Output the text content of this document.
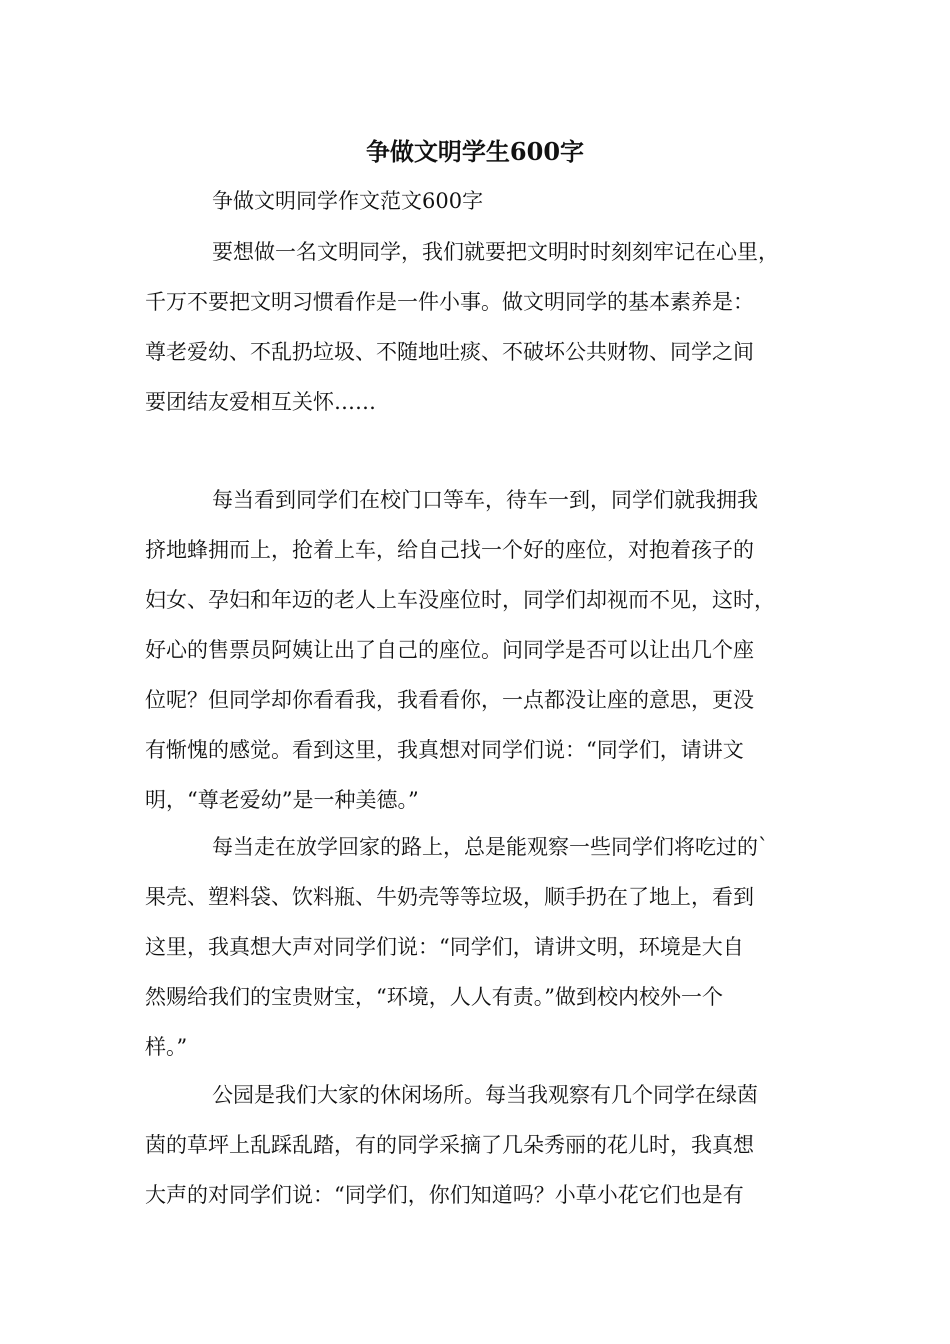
争做文明学生600字

争做文明同学作文范文600字

要想做一名文明同学，我们就要把文明时时刻刻牢记在心里，
千万不要把文明习惯看作是一件小事。做文明同学的基本素养是：
尊老爱幼、不乱扔垃圾、不随地吐痰、不破坏公共财物、同学之间
要团结友爱相互关怀……
每当看到同学们在校门口等车，待车一到，同学们就我拥我
挤地蜂拥而上，抢着上车，给自己找一个好的座位，对抱着孩子的
妇女、孕妇和年迈的老人上车没座位时，同学们却视而不见，这时，
好心的售票员阿姨让出了自己的座位。问同学是否可以让出几个座
位呢？但同学却你看看我，我看看你，一点都没让座的意思，更没
有惭愧的感觉。看到这里，我真想对同学们说：“同学们，请讲文
明，“尊老爱幼”是一种美德。”
每当走在放学回家的路上，总是能观察一些同学们将吃过的`
果壳、塑料袋、饮料瓶、牛奶壳等等垃圾，顺手扔在了地上，看到
这里，我真想大声对同学们说：“同学们，请讲文明，环境是大自
然赐给我们的宝贵财宝，“环境，人人有责。”做到校内校外一个
样。”
公园是我们大家的休闲场所。每当我观察有几个同学在绿茵
茵的草坪上乱踩乱踏，有的同学采摘了几朵秀丽的花儿时，我真想
大声的对同学们说：“同学们，你们知道吗？小草小花它们也是有
